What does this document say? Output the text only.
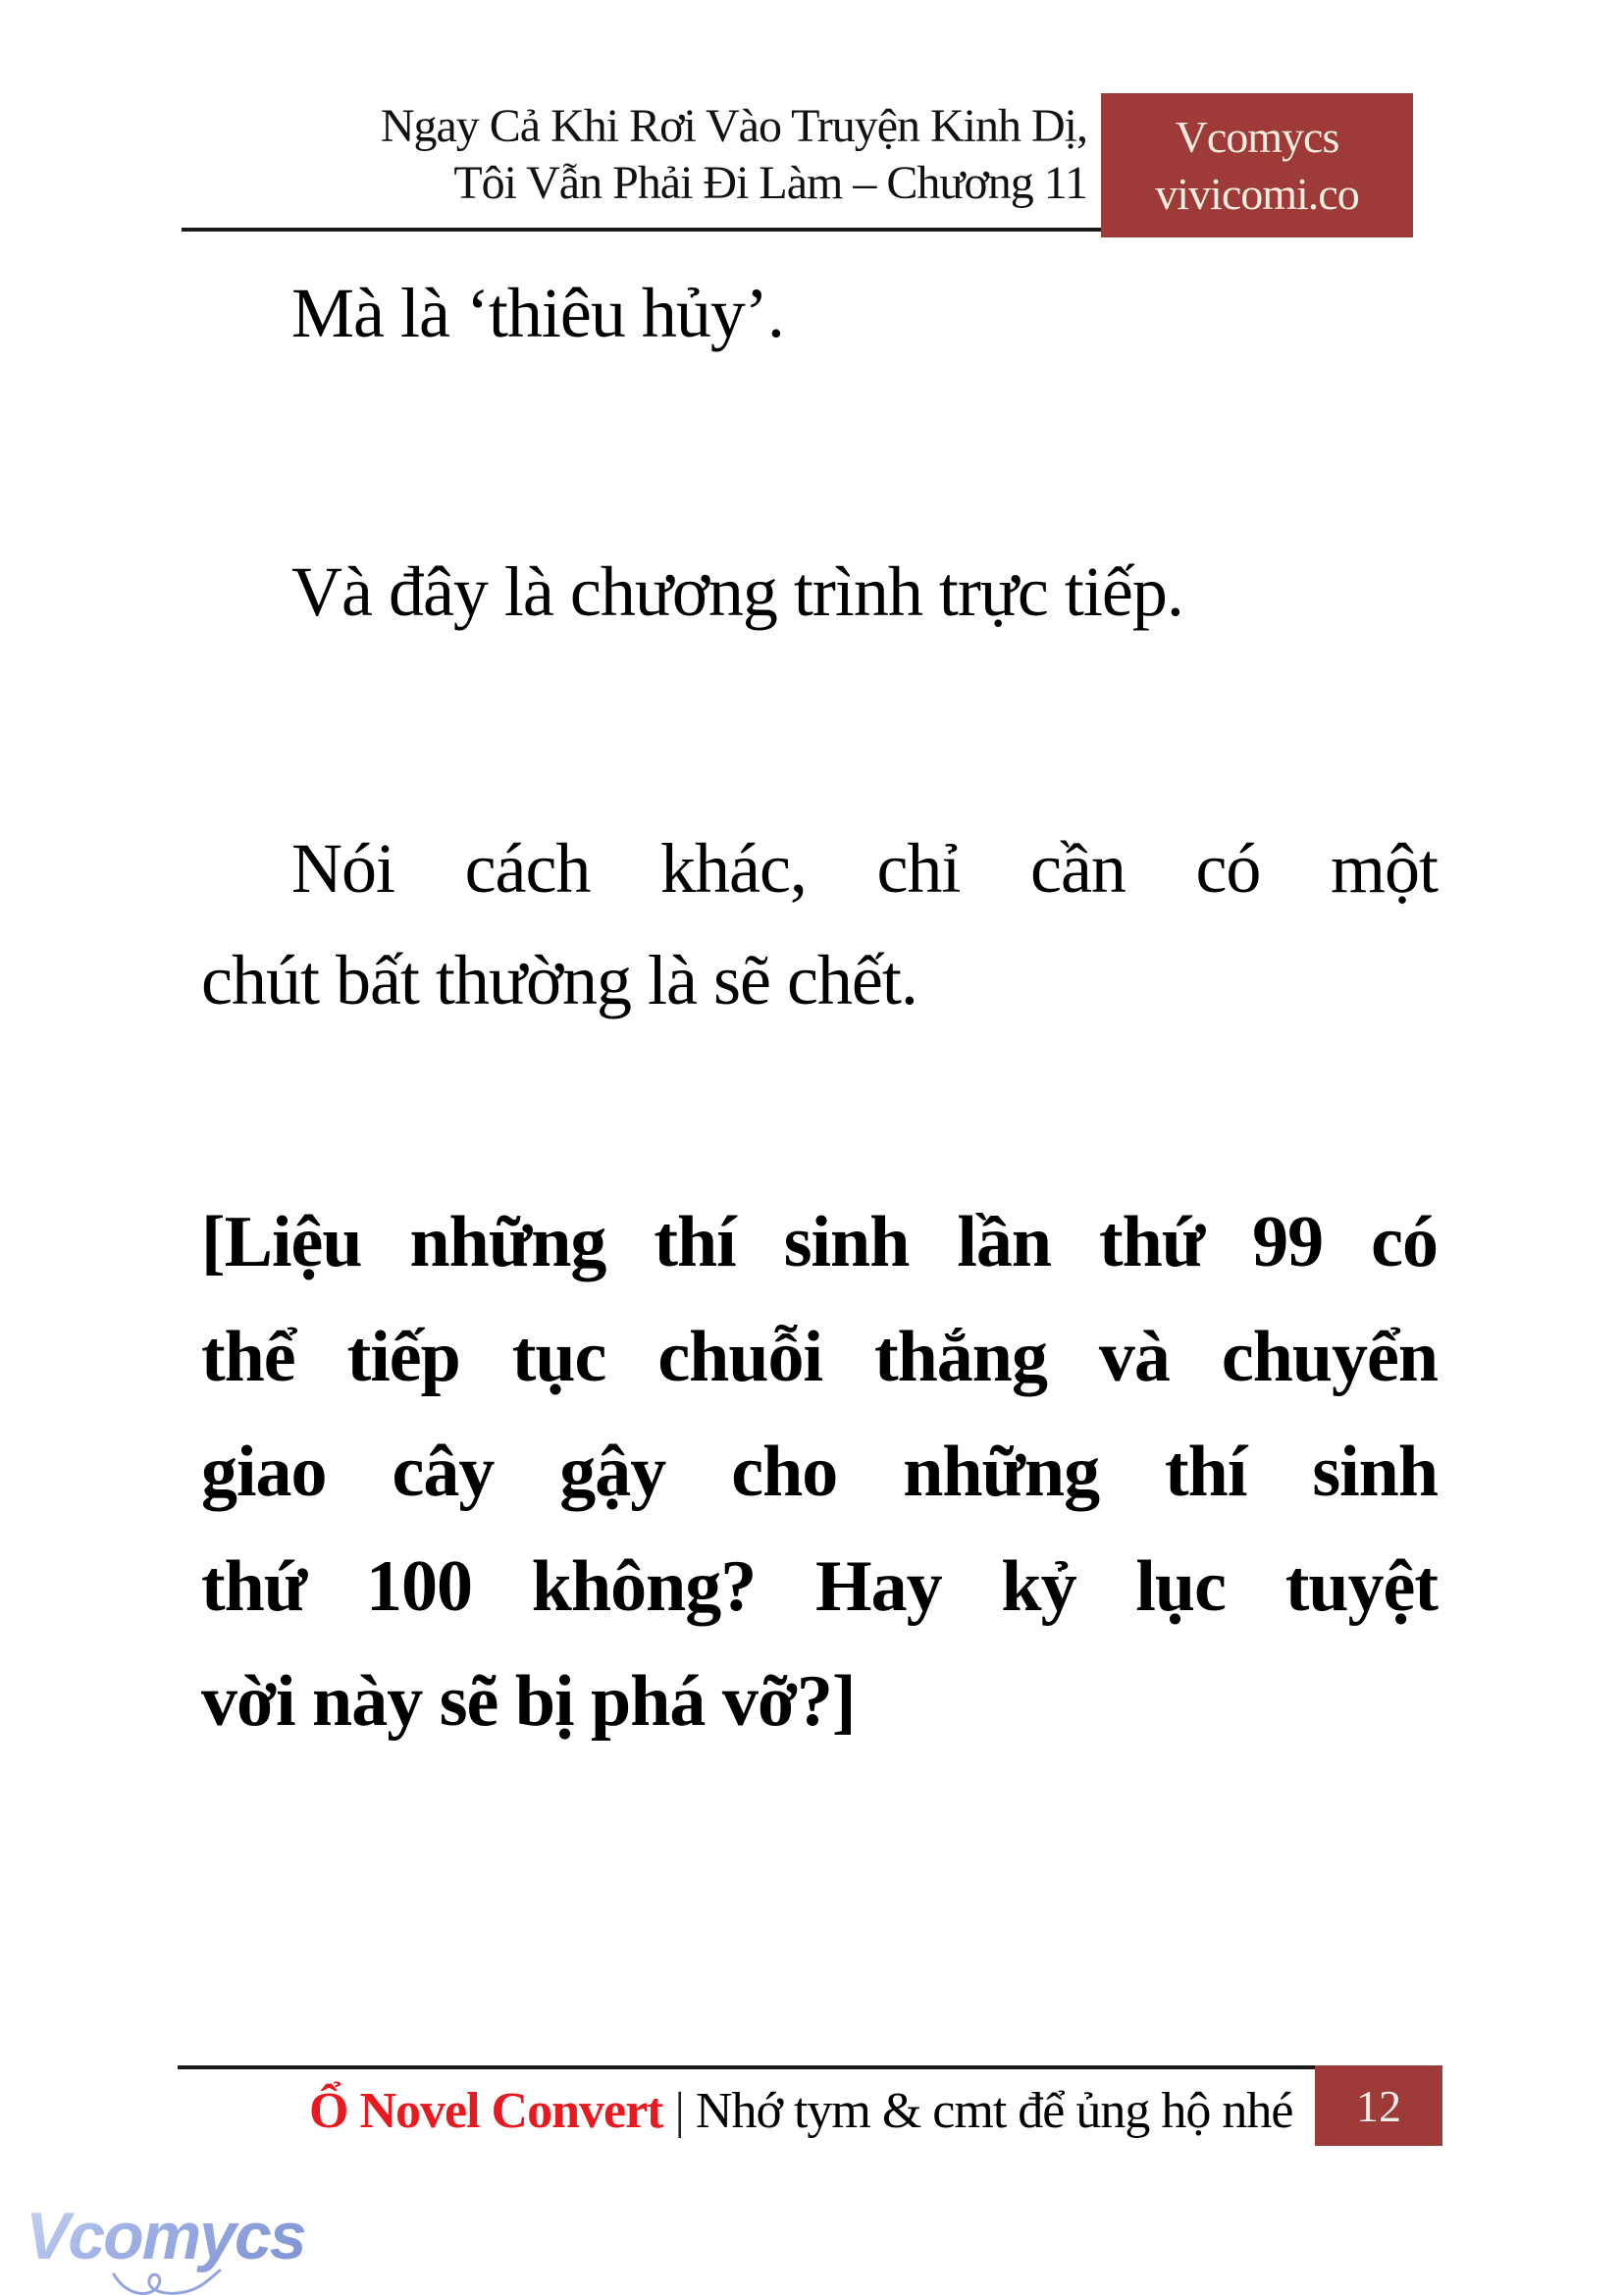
Ngay Cả Khi Rơi Vào Truyện Kinh Dị,
Tôi Vẫn Phải Đi Làm – Chương 11
Vcomycs
vivicomi.co
Mà là ‘thiêu hủy’.
Và đây là chương trình trực tiếp.
Nói cách khác, chỉ cần có một
chút bất thường là sẽ chết.
[Liệu những thí sinh lần thứ 99 có
thể tiếp tục chuỗi thắng và chuyển
giao cây gậy cho những thí sinh
thứ 100 không? Hay kỷ lục tuyệt
vời này sẽ bị phá vỡ?]
Ổ Novel Convert | Nhớ tym & cmt để ủng hộ nhé 12
Vcomycs
